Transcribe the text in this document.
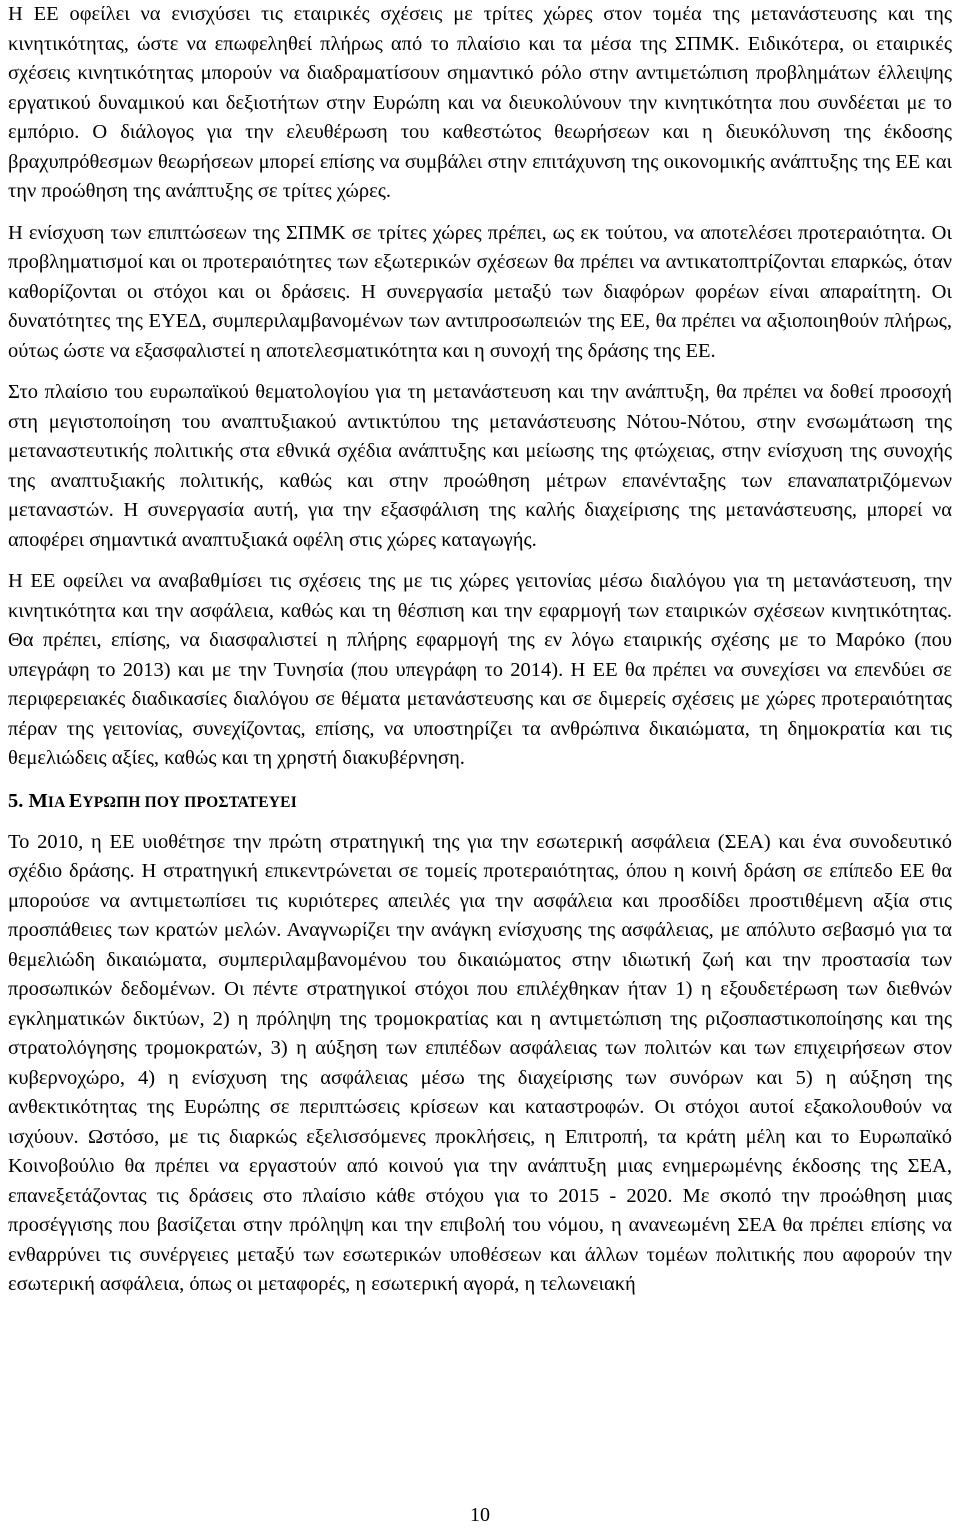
Η ΕΕ οφείλει να ενισχύσει τις εταιρικές σχέσεις με τρίτες χώρες στον τομέα της μετανάστευσης και της κινητικότητας, ώστε να επωφεληθεί πλήρως από το πλαίσιο και τα μέσα της ΣΠΜΚ. Ειδικότερα, οι εταιρικές σχέσεις κινητικότητας μπορούν να διαδραματίσουν σημαντικό ρόλο στην αντιμετώπιση προβλημάτων έλλειψης εργατικού δυναμικού και δεξιοτήτων στην Ευρώπη και να διευκολύνουν την κινητικότητα που συνδέεται με το εμπόριο. Ο διάλογος για την ελευθέρωση του καθεστώτος θεωρήσεων και η διευκόλυνση της έκδοσης βραχυπρόθεσμων θεωρήσεων μπορεί επίσης να συμβάλει στην επιτάχυνση της οικονομικής ανάπτυξης της ΕΕ και την προώθηση της ανάπτυξης σε τρίτες χώρες.

Η ενίσχυση των επιπτώσεων της ΣΠΜΚ σε τρίτες χώρες πρέπει, ως εκ τούτου, να αποτελέσει προτεραιότητα. Οι προβληματισμοί και οι προτεραιότητες των εξωτερικών σχέσεων θα πρέπει να αντικατοπτρίζονται επαρκώς, όταν καθορίζονται οι στόχοι και οι δράσεις. Η συνεργασία μεταξύ των διαφόρων φορέων είναι απαραίτητη. Οι δυνατότητες της ΕΥΕΔ, συμπεριλαμβανομένων των αντιπροσωπειών της ΕΕ, θα πρέπει να αξιοποιηθούν πλήρως, ούτως ώστε να εξασφαλιστεί η αποτελεσματικότητα και η συνοχή της δράσης της ΕΕ.

Στο πλαίσιο του ευρωπαϊκού θεματολογίου για τη μετανάστευση και την ανάπτυξη, θα πρέπει να δοθεί προσοχή στη μεγιστοποίηση του αναπτυξιακού αντικτύπου της μετανάστευσης Νότου-Νότου, στην ενσωμάτωση της μεταναστευτικής πολιτικής στα εθνικά σχέδια ανάπτυξης και μείωσης της φτώχειας, στην ενίσχυση της συνοχής της αναπτυξιακής πολιτικής, καθώς και στην προώθηση μέτρων επανένταξης των επαναπατριζόμενων μεταναστών. Η συνεργασία αυτή, για την εξασφάλιση της καλής διαχείρισης της μετανάστευσης, μπορεί να αποφέρει σημαντικά αναπτυξιακά οφέλη στις χώρες καταγωγής.

Η ΕΕ οφείλει να αναβαθμίσει τις σχέσεις της με τις χώρες γειτονίας μέσω διαλόγου για τη μετανάστευση, την κινητικότητα και την ασφάλεια, καθώς και τη θέσπιση και την εφαρμογή των εταιρικών σχέσεων κινητικότητας. Θα πρέπει, επίσης, να διασφαλιστεί η πλήρης εφαρμογή της εν λόγω εταιρικής σχέσης με το Μαρόκο (που υπεγράφη το 2013) και με την Τυνησία (που υπεγράφη το 2014). Η ΕΕ θα πρέπει να συνεχίσει να επενδύει σε περιφερειακές διαδικασίες διαλόγου σε θέματα μετανάστευσης και σε διμερείς σχέσεις με χώρες προτεραιότητας πέραν της γειτονίας, συνεχίζοντας, επίσης, να υποστηρίζει τα ανθρώπινα δικαιώματα, τη δημοκρατία και τις θεμελιώδεις αξίες, καθώς και τη χρηστή διακυβέρνηση.

5. ΜΙΑ ΕΥΡΩΠΗ ΠΟΥ ΠΡΟΣΤΑΤΕΥΕΙ

Το 2010, η ΕΕ υιοθέτησε την πρώτη στρατηγική της για την εσωτερική ασφάλεια (ΣΕΑ) και ένα συνοδευτικό σχέδιο δράσης. Η στρατηγική επικεντρώνεται σε τομείς προτεραιότητας, όπου η κοινή δράση σε επίπεδο ΕΕ θα μπορούσε να αντιμετωπίσει τις κυριότερες απειλές για την ασφάλεια και προσδίδει προστιθέμενη αξία στις προσπάθειες των κρατών μελών. Αναγνωρίζει την ανάγκη ενίσχυσης της ασφάλειας, με απόλυτο σεβασμό για τα θεμελιώδη δικαιώματα, συμπεριλαμβανομένου του δικαιώματος στην ιδιωτική ζωή και την προστασία των προσωπικών δεδομένων. Οι πέντε στρατηγικοί στόχοι που επιλέχθηκαν ήταν 1) η εξουδετέρωση των διεθνών εγκληματικών δικτύων, 2) η πρόληψη της τρομοκρατίας και η αντιμετώπιση της ριζοσπαστικοποίησης και της στρατολόγησης τρομοκρατών, 3) η αύξηση των επιπέδων ασφάλειας των πολιτών και των επιχειρήσεων στον κυβερνοχώρο, 4) η ενίσχυση της ασφάλειας μέσω της διαχείρισης των συνόρων και 5) η αύξηση της ανθεκτικότητας της Ευρώπης σε περιπτώσεις κρίσεων και καταστροφών. Οι στόχοι αυτοί εξακολουθούν να ισχύουν. Ωστόσο, με τις διαρκώς εξελισσόμενες προκλήσεις, η Επιτροπή, τα κράτη μέλη και το Ευρωπαϊκό Κοινοβούλιο θα πρέπει να εργαστούν από κοινού για την ανάπτυξη μιας ενημερωμένης έκδοσης της ΣΕΑ, επανεξετάζοντας τις δράσεις στο πλαίσιο κάθε στόχου για το 2015 - 2020. Με σκοπό την προώθηση μιας προσέγγισης που βασίζεται στην πρόληψη και την επιβολή του νόμου, η ανανεωμένη ΣΕΑ θα πρέπει επίσης να ενθαρρύνει τις συνέργειες μεταξύ των εσωτερικών υποθέσεων και άλλων τομέων πολιτικής που αφορούν την εσωτερική ασφάλεια, όπως οι μεταφορές, η εσωτερική αγορά, η τελωνειακή

10
